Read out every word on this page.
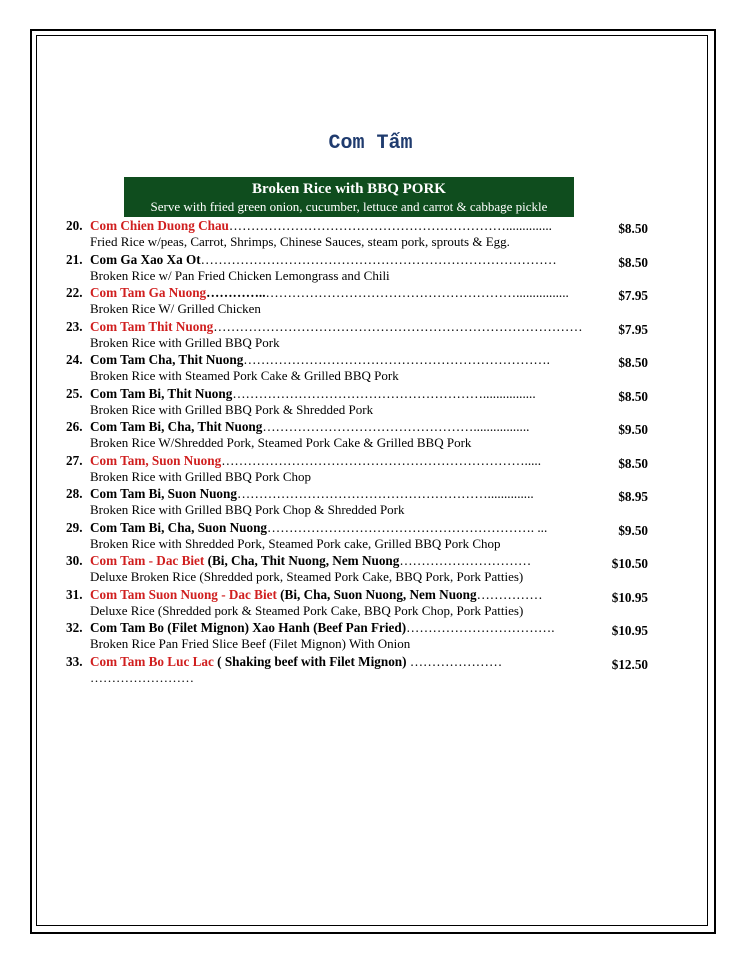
Com Tấm
Broken Rice with BBQ PORK
Serve with fried green onion, cucumber, lettuce and carrot & cabbage pickle
20. Com Chien Duong Chau………………………………………………………..............	$8.50
Fried Rice w/peas, Carrot, Shrimps, Chinese Sauces, steam pork, sprouts & Egg.
21. Com Ga Xao Xa Ot………………………………………………………………………	$8.50
Broken Rice w/ Pan Fried Chicken Lemongrass and Chili
22. Com Tam Ga Nuong…………..…………………………………………………................	$7.95
Broken Rice W/ Grilled Chicken
23. Com Tam Thit Nuong…………………………………………………………………………	$7.95
Broken Rice with Grilled BBQ Pork
24. Com Tam Cha, Thit Nuong…………………………………………………………….	$8.50
Broken Rice with Steamed Pork Cake & Grilled BBQ Pork
25. Com Tam Bi, Thit Nuong…………………………………………………................	$8.50
Broken Rice with Grilled BBQ Pork & Shredded Pork
26. Com Tam Bi, Cha, Thit Nuong………………………………………….................	$9.50
Broken Rice W/Shredded Pork, Steamed Pork Cake & Grilled BBQ Pork
27. Com Tam, Suon Nuong…………………………………………………………….....	$8.50
Broken Rice with Grilled BBQ Pork Chop
28. Com Tam Bi, Suon Nuong…………………………………………………..............	$8.95
Broken Rice with Grilled BBQ Pork Chop & Shredded Pork
29. Com Tam Bi, Cha, Suon Nuong……………………………………………………. ...	$9.50
Broken Rice with Shredded Pork, Steamed Pork cake, Grilled BBQ Pork Chop
30. Com Tam - Dac Biet (Bi, Cha, Thit Nuong, Nem Nuong…………………………	$10.50
Deluxe Broken Rice (Shredded pork, Steamed Pork Cake, BBQ Pork, Pork Patties)
31. Com Tam Suon Nuong - Dac Biet (Bi, Cha, Suon Nuong, Nem Nuong……………	$10.95
Deluxe Rice (Shredded pork & Steamed Pork Cake, BBQ Pork Chop, Pork Patties)
32. Com Tam Bo (Filet Mignon) Xao Hanh (Beef Pan Fried)…………………………….	$10.95
Broken Rice Pan Fried Slice Beef (Filet Mignon) With Onion
33. Com Tam Bo Luc Lac ( Shaking beef with Filet Mignon) …………………	$12.50
……………………
